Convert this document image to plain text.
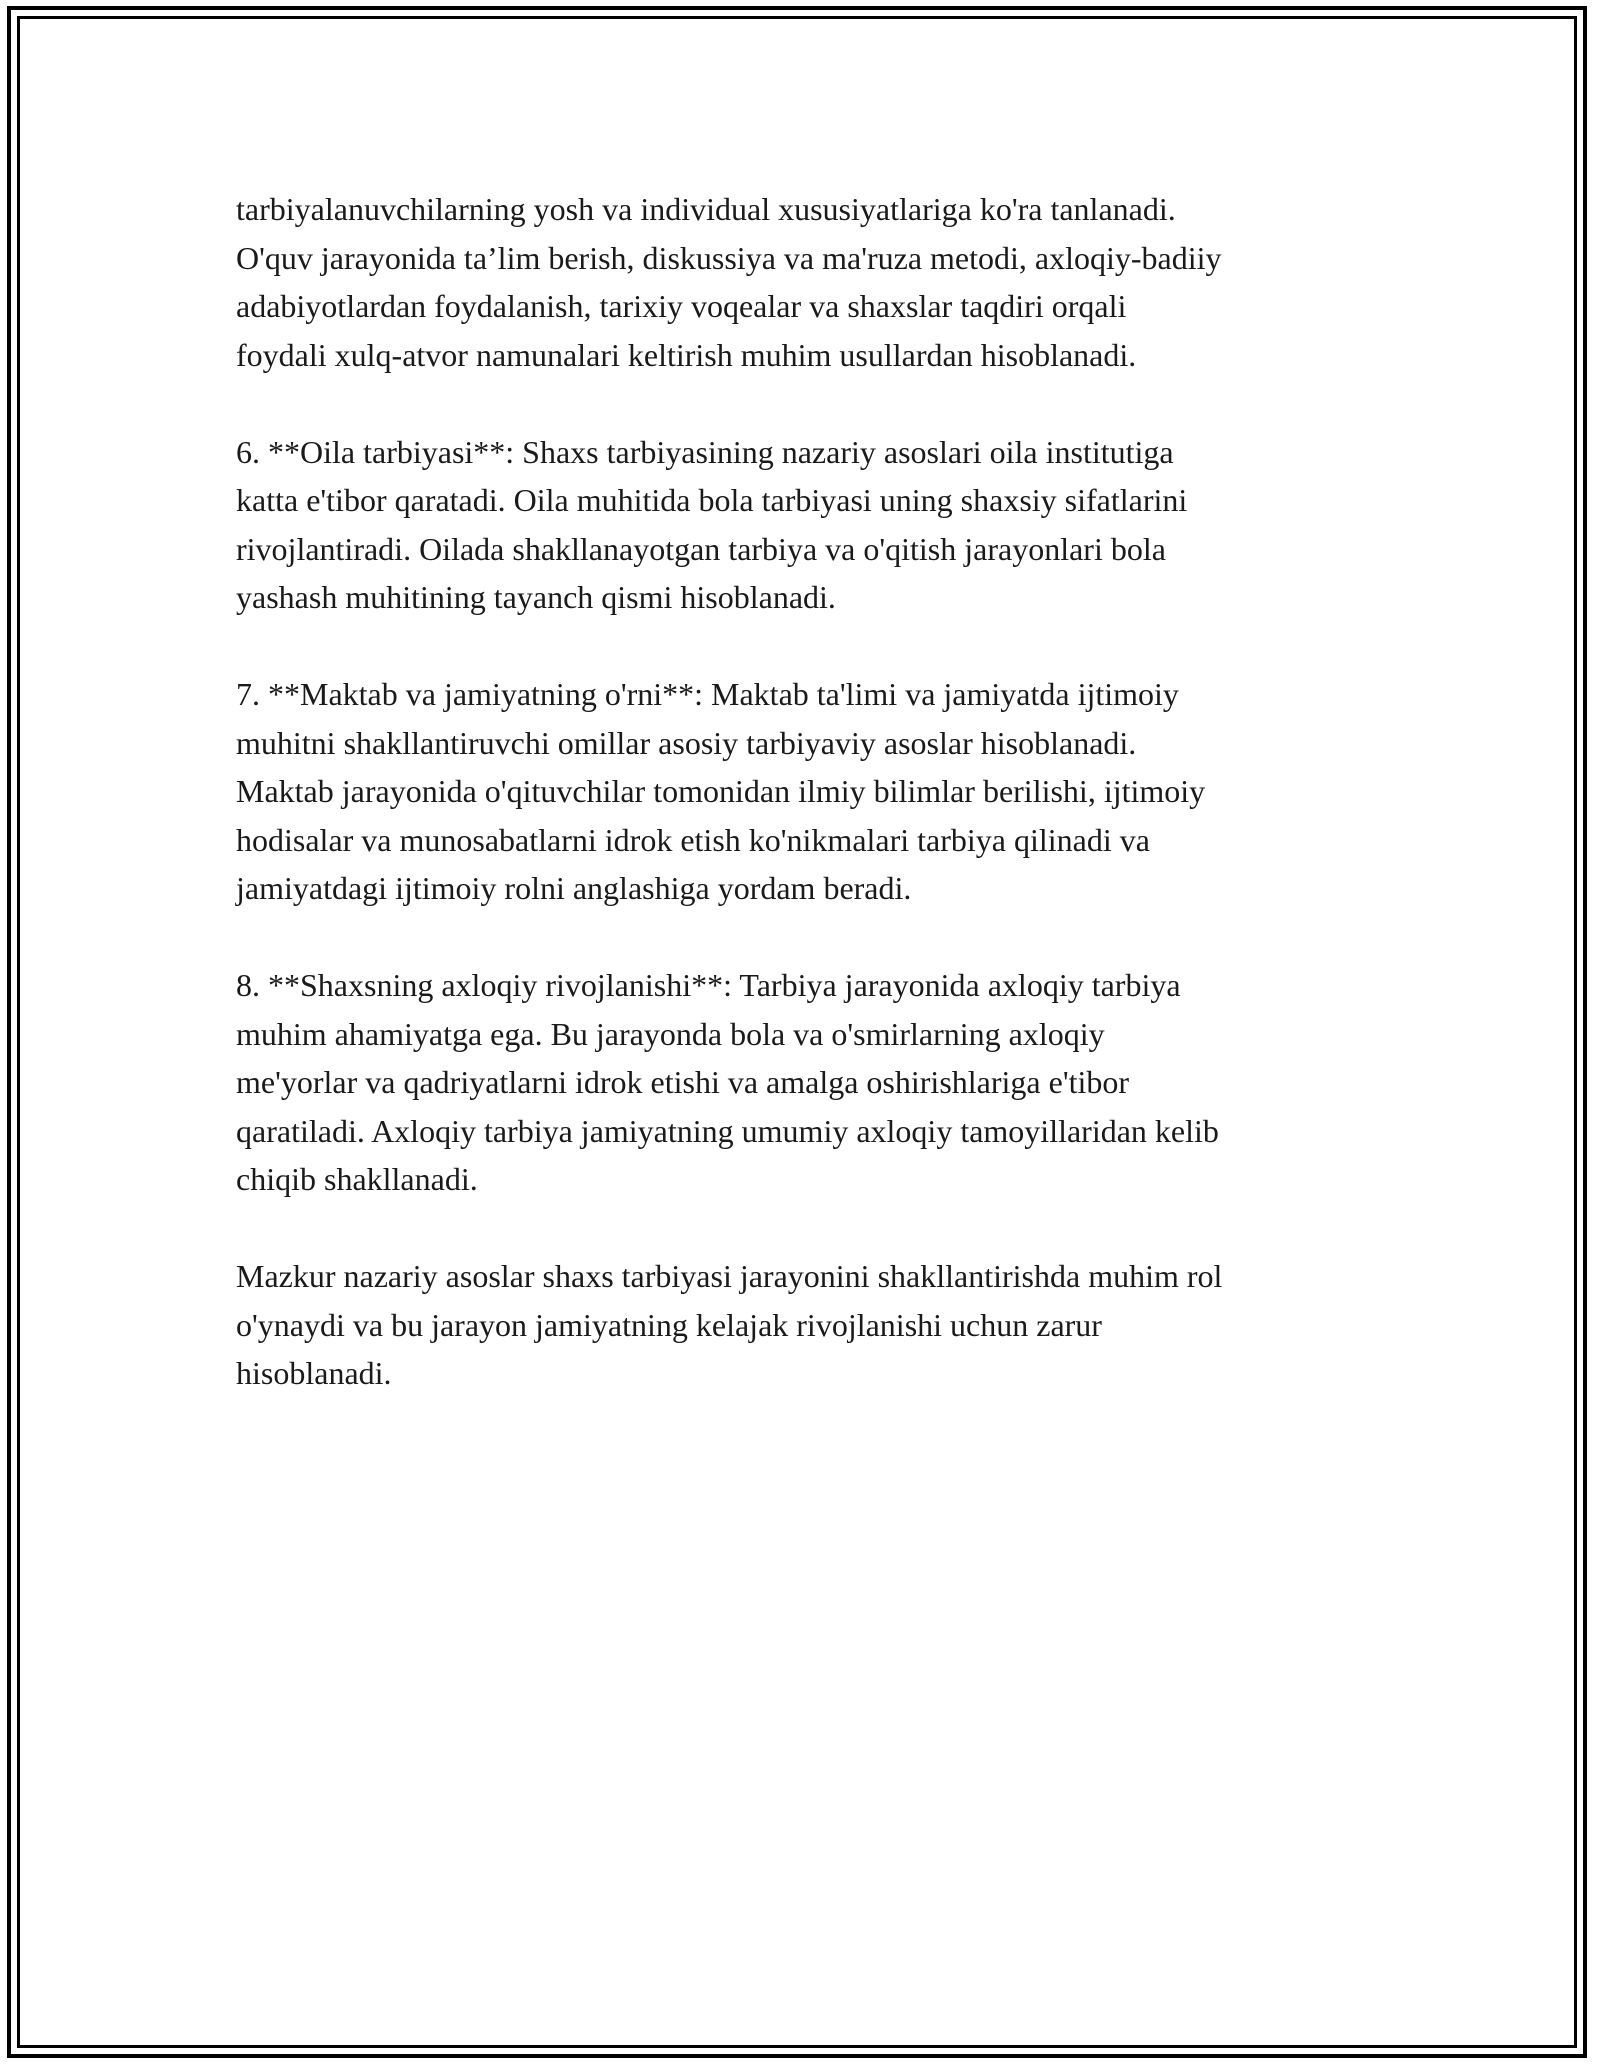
tarbiyalanuvchilarning yosh va individual xususiyatlariga ko'ra tanlanadi.
O'quv jarayonida ta’lim berish, diskussiya va ma'ruza metodi, axloqiy-badiiy
adabiyotlardan foydalanish, tarixiy voqealar va shaxslar taqdiri orqali
foydali xulq-atvor namunalari keltirish muhim usullardan hisoblanadi.

6. **Oila tarbiyasi**: Shaxs tarbiyasining nazariy asoslari oila institutiga
katta e'tibor qaratadi. Oila muhitida bola tarbiyasi uning shaxsiy sifatlarini
rivojlantiradi. Oilada shakllanayotgan tarbiya va o'qitish jarayonlari bola
yashash muhitining tayanch qismi hisoblanadi.

7. **Maktab va jamiyatning o'rni**: Maktab ta'limi va jamiyatda ijtimoiy
muhitni shakllantiruvchi omillar asosiy tarbiyaviy asoslar hisoblanadi.
Maktab jarayonida o'qituvchilar tomonidan ilmiy bilimlar berilishi, ijtimoiy
hodisalar va munosabatlarni idrok etish ko'nikmalari tarbiya qilinadi va
jamiyatdagi ijtimoiy rolni anglashiga yordam beradi.

8. **Shaxsning axloqiy rivojlanishi**: Tarbiya jarayonida axloqiy tarbiya
muhim ahamiyatga ega. Bu jarayonda bola va o'smirlarning axloqiy
me'yorlar va qadriyatlarni idrok etishi va amalga oshirishlariga e'tibor
qaratiladi. Axloqiy tarbiya jamiyatning umumiy axloqiy tamoyillaridan kelib
chiqib shakllanadi.

Mazkur nazariy asoslar shaxs tarbiyasi jarayonini shakllantirishda muhim rol
o'ynaydi va bu jarayon jamiyatning kelajak rivojlanishi uchun zarur
hisoblanadi.
